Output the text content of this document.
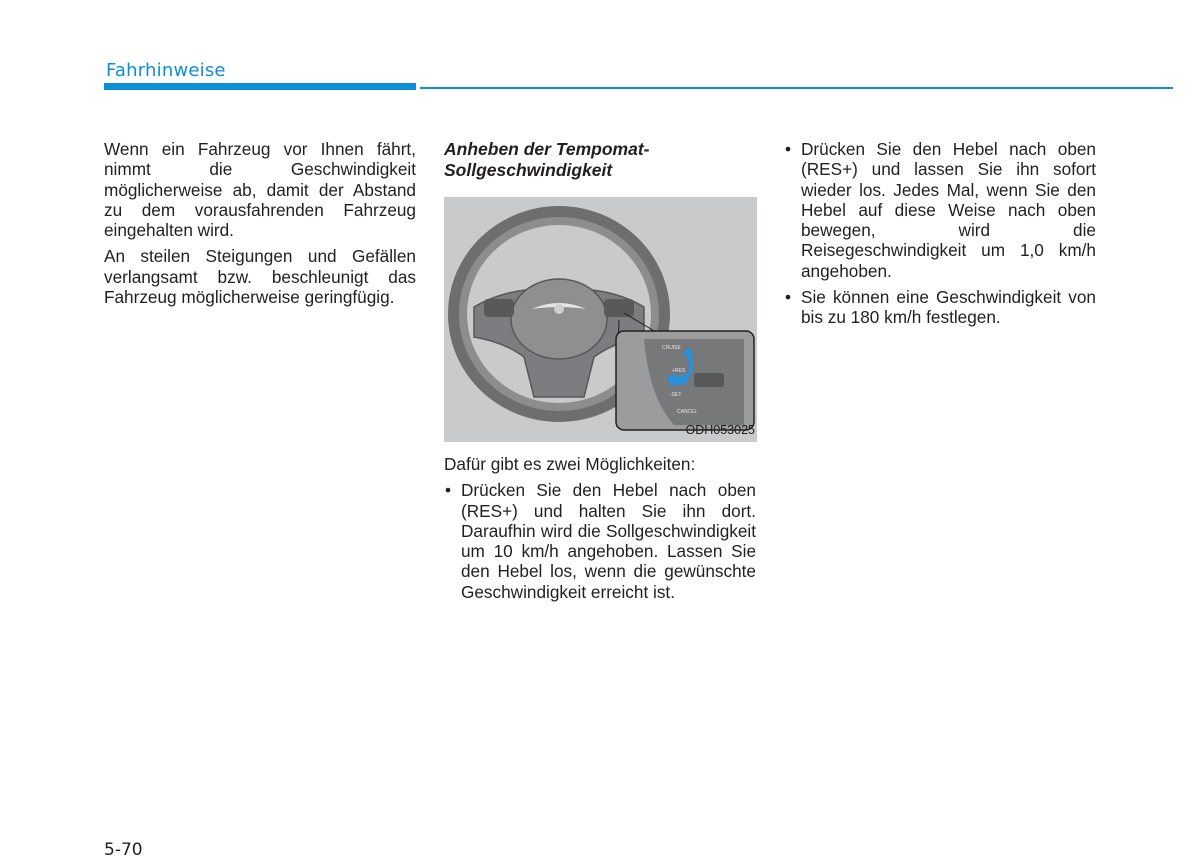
Fahrhinweise

Wenn ein Fahrzeug vor Ihnen fährt, nimmt die Geschwindigkeit möglicherweise ab, damit der Abstand zu dem vorausfahrenden Fahrzeug eingehalten wird.

An steilen Steigungen und Gefällen verlangsamt bzw. beschleunigt das Fahrzeug möglicherweise geringfügig.

Anheben der Tempomat-Sollgeschwindigkeit
CRUISE
+RES
-SET
CANCEL
ODH053025

Dafür gibt es zwei Möglichkeiten:

• Drücken Sie den Hebel nach oben (RES+) und halten Sie ihn dort. Daraufhin wird die Sollgeschwindigkeit um 10 km/h angehoben. Lassen Sie den Hebel los, wenn die gewünschte Geschwindigkeit erreicht ist.
• Drücken Sie den Hebel nach oben (RES+) und lassen Sie ihn sofort wieder los. Jedes Mal, wenn Sie den Hebel auf diese Weise nach oben bewegen, wird die Reisegeschwindigkeit um 1,0 km/h angehoben.
• Sie können eine Geschwindigkeit von bis zu 180 km/h festlegen.
5-70
